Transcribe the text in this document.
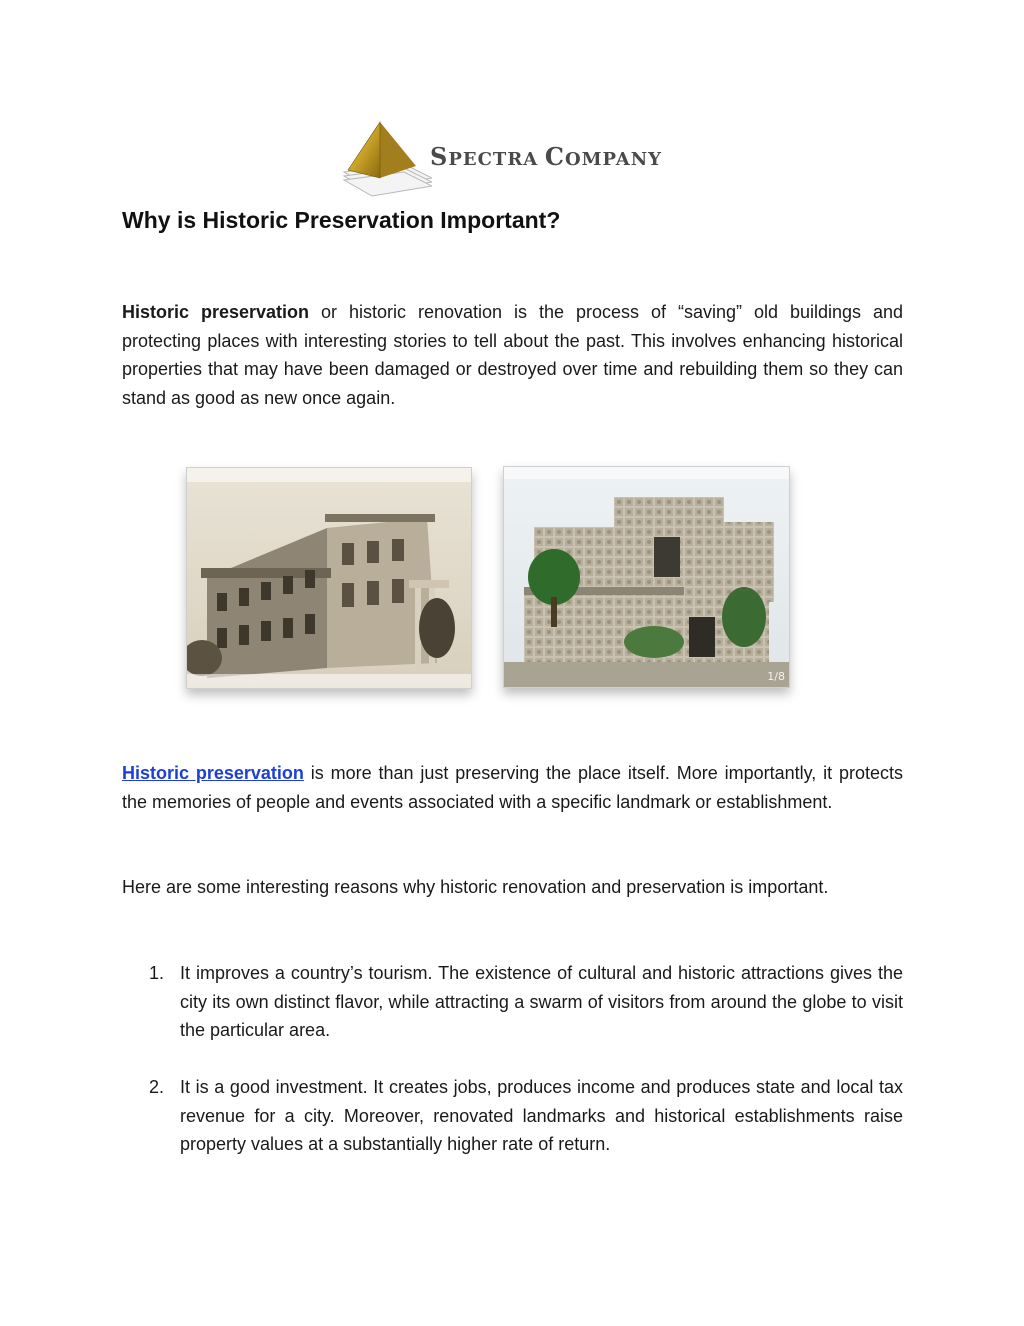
SPECTRA COMPANY
Why is Historic Preservation Important?

Historic preservation or historic renovation is the process of “saving” old buildings and protecting places with interesting stories to tell about the past. This involves enhancing historical properties that may have been damaged or destroyed over time and rebuilding them so they can stand as good as new once again.

1/8

Historic preservation is more than just preserving the place itself. More importantly, it protects the memories of people and events associated with a specific landmark or establishment.

Here are some interesting reasons why historic renovation and preservation is important.

1. It improves a country’s tourism. The existence of cultural and historic attractions gives the city its own distinct flavor, while attracting a swarm of visitors from around the globe to visit the particular area.
2. It is a good investment. It creates jobs, produces income and produces state and local tax revenue for a city. Moreover, renovated landmarks and historical establishments raise property values at a substantially higher rate of return.
